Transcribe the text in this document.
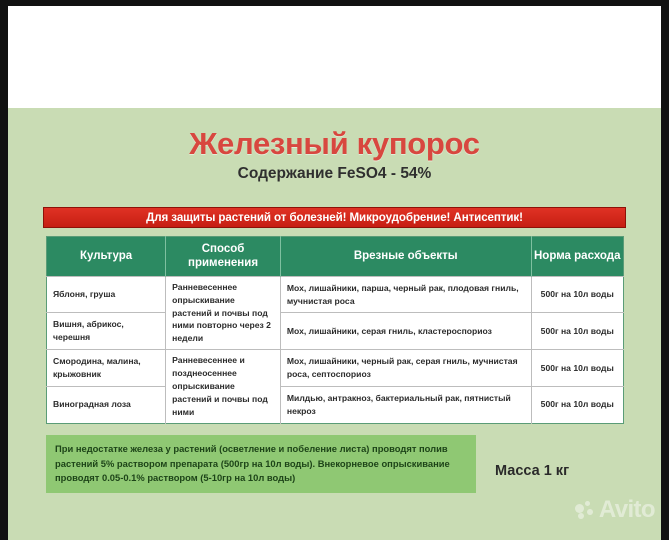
Железный купорос
Содержание FeSO4 - 54%
Для защиты растений от болезней! Микроудобрение! Антисептик!
Культура	Способ применения	Врезные объекты	Норма расхода
Яблоня, груша	Ранневесеннее опрыскивание растений и почвы под ними повторно через 2 недели	Мох, лишайники, парша, черный рак, плодовая гниль, мучнистая роса	500г на 10л воды
Вишня, абрикос, черешня		Мох, лишайники, серая гниль, кластероспориоз	500г на 10л воды
Смородина, малина, крыжовник	Ранневесеннее и позднеосеннее опрыскивание растений и почвы под ними	Мох, лишайники, черный рак, серая гниль, мучнистая роса, септоспориоз	500г на 10л воды
Виноградная лоза		Милдью, антракноз, бактериальный рак, пятнистый некроз	500г на 10л воды

При недостатке железа у растений (осветление и побеление листа) проводят полив растений 5% раствором препарата (500гр на 10л воды). Внекорневое опрыскивание проводят 0.05-0.1% раствором (5-10гр на 10л воды)	Масса 1 кг
Avito
